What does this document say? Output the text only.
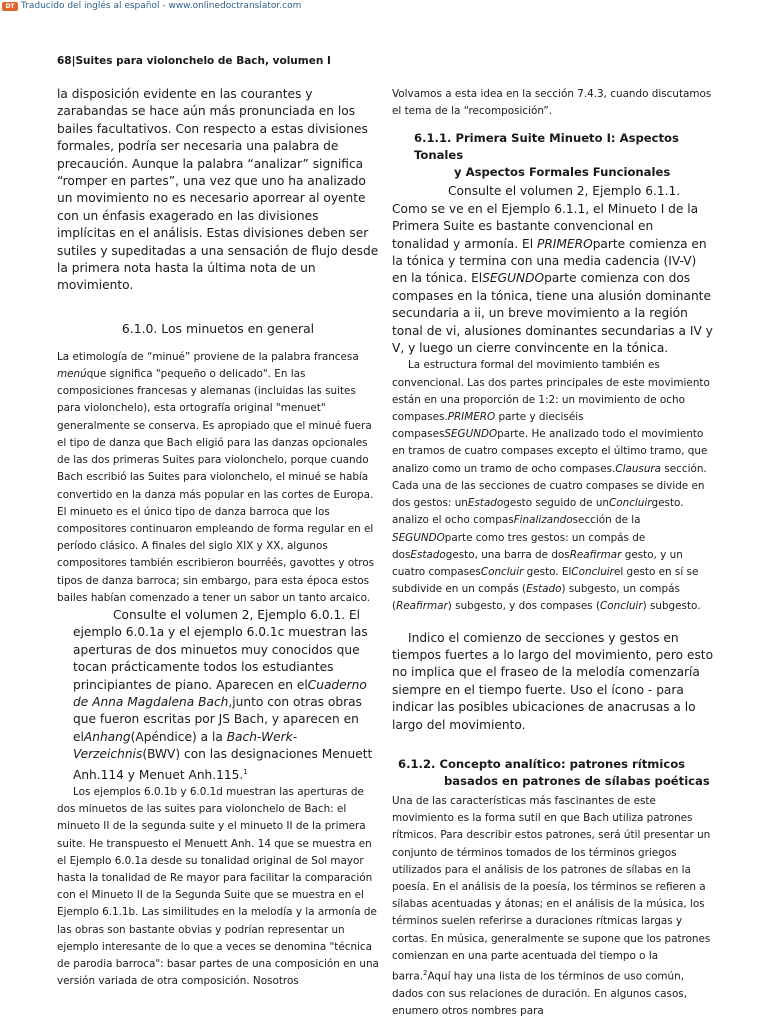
DT Traducido del inglés al español - www.onlinedoctranslator.com
68|Suites para violonchelo de Bach, volumen I

la disposición evidente en las courantes y zarabandas se hace aún más pronunciada en los bailes facultativos. Con respecto a estas divisiones formales, podría ser necesaria una palabra de precaución. Aunque la palabra “analizar” significa “romper en partes”, una vez que uno ha analizado un movimiento no es necesario aporrear al oyente con un énfasis exagerado en las divisiones implícitas en el análisis. Estas divisiones deben ser sutiles y supeditadas a una sensación de flujo desde la primera nota hasta la última nota de un movimiento.

6.1.0. Los minuetos en general

La etimología de “minué” proviene de la palabra francesa menúque significa "pequeño o delicado". En las composiciones francesas y alemanas (incluidas las suites para violonchelo), esta ortografía original "menuet" generalmente se conserva. Es apropiado que el minué fuera el tipo de danza que Bach eligió para las danzas opcionales de las dos primeras Suites para violonchelo, porque cuando Bach escribió las Suites para violonchelo, el minué se había convertido en la danza más popular en las cortes de Europa. El minueto es el único tipo de danza barroca que los compositores continuaron empleando de forma regular en el período clásico. A finales del siglo XIX y XX, algunos compositores también escribieron bourréés, gavottes y otros tipos de danza barroca; sin embargo, para esta época estos bailes habían comenzado a tener un sabor un tanto arcaico.

Consulte el volumen 2, Ejemplo 6.0.1. El
ejemplo 6.0.1a y el ejemplo 6.0.1c muestran las aperturas de dos minuetos muy conocidos que tocan prácticamente todos los estudiantes principiantes de piano. Aparecen en elCuaderno de Anna Magdalena Bach,junto con otras obras que fueron escritas por JS Bach, y aparecen en elAnhang(Apéndice) a la Bach-Werk-Verzeichnis(BWV) con las designaciones Menuett Anh.114 y Menuet Anh.115.$^1$

Los ejemplos 6.0.1b y 6.0.1d muestran las aperturas de dos minuetos de las suites para violonchelo de Bach: el minueto II de la segunda suite y el minueto II de la primera suite. He transpuesto el Menuett Anh. 14 que se muestra en el Ejemplo 6.0.1a desde su tonalidad original de Sol mayor hasta la tonalidad de Re mayor para facilitar la comparación con el Minueto II de la Segunda Suite que se muestra en el Ejemplo 6.1.1b. Las similitudes en la melodía y la armonía de las obras son bastante obvias y podrían representar un ejemplo interesante de lo que a veces se denomina "técnica de parodia barroca": basar partes de una composición en una versión variada de otra composición. Nosotros

Volvamos a esta idea en la sección 7.4.3, cuando discutamos el tema de la “recomposición”.

6.1.1. Primera Suite Minueto I: Aspectos Tonales
y Aspectos Formales Funcionales

Consulte el volumen 2, Ejemplo 6.1.1.

Como se ve en el Ejemplo 6.1.1, el Minueto I de la Primera Suite es bastante convencional en tonalidad y armonía. El PRIMEROparte comienza en la tónica y termina con una media cadencia (IV-V) en la tónica. ElSEGUNDOparte comienza con dos compases en la tónica, tiene una alusión dominante secundaria a ii, un breve movimiento a la región tonal de vi, alusiones dominantes secundarias a IV y V, y luego un cierre convincente en la tónica.

La estructura formal del movimiento también es convencional. Las dos partes principales de este movimiento están en una proporción de 1:2: un movimiento de ocho compases.PRIMERO parte y dieciséis compasesSEGUNDOparte. He analizado todo el movimiento en tramos de cuatro compases excepto el último tramo, que analizo como un tramo de ocho compases.Clausura sección. Cada una de las secciones de cuatro compases se divide en dos gestos: unEstadogesto seguido de unConcluirgesto. analizo el ocho compasFinalizandosección de la SEGUNDOparte como tres gestos: un compás de dosEstadogesto, una barra de dosReafirmar gesto, y un cuatro compasesConcluir gesto. ElConcluirel gesto en sí se subdivide en un compás (Estado) subgesto, un compás (Reafirmar) subgesto, y dos compases (Concluir) subgesto.

Indico el comienzo de secciones y gestos en tiempos fuertes a lo largo del movimiento, pero esto no implica que el fraseo de la melodía comenzaría siempre en el tiempo fuerte. Uso el ícono - para indicar las posibles ubicaciones de anacrusas a lo largo del movimiento.

6.1.2. Concepto analítico: patrones rítmicos
basados en patrones de sílabas poéticas

Una de las características más fascinantes de este movimiento es la forma sutil en que Bach utiliza patrones rítmicos. Para describir estos patrones, será útil presentar un conjunto de términos tomados de los términos griegos utilizados para el análisis de los patrones de sílabas en la poesía. En el análisis de la poesía, los términos se refieren a sílabas acentuadas y átonas; en el análisis de la música, los términos suelen referirse a duraciones rítmicas largas y cortas. En música, generalmente se supone que los patrones comienzan en una parte acentuada del tiempo o la barra.$^2$Aquí hay una lista de los términos de uso común, dados con sus relaciones de duración. En algunos casos, enumero otros nombres para
